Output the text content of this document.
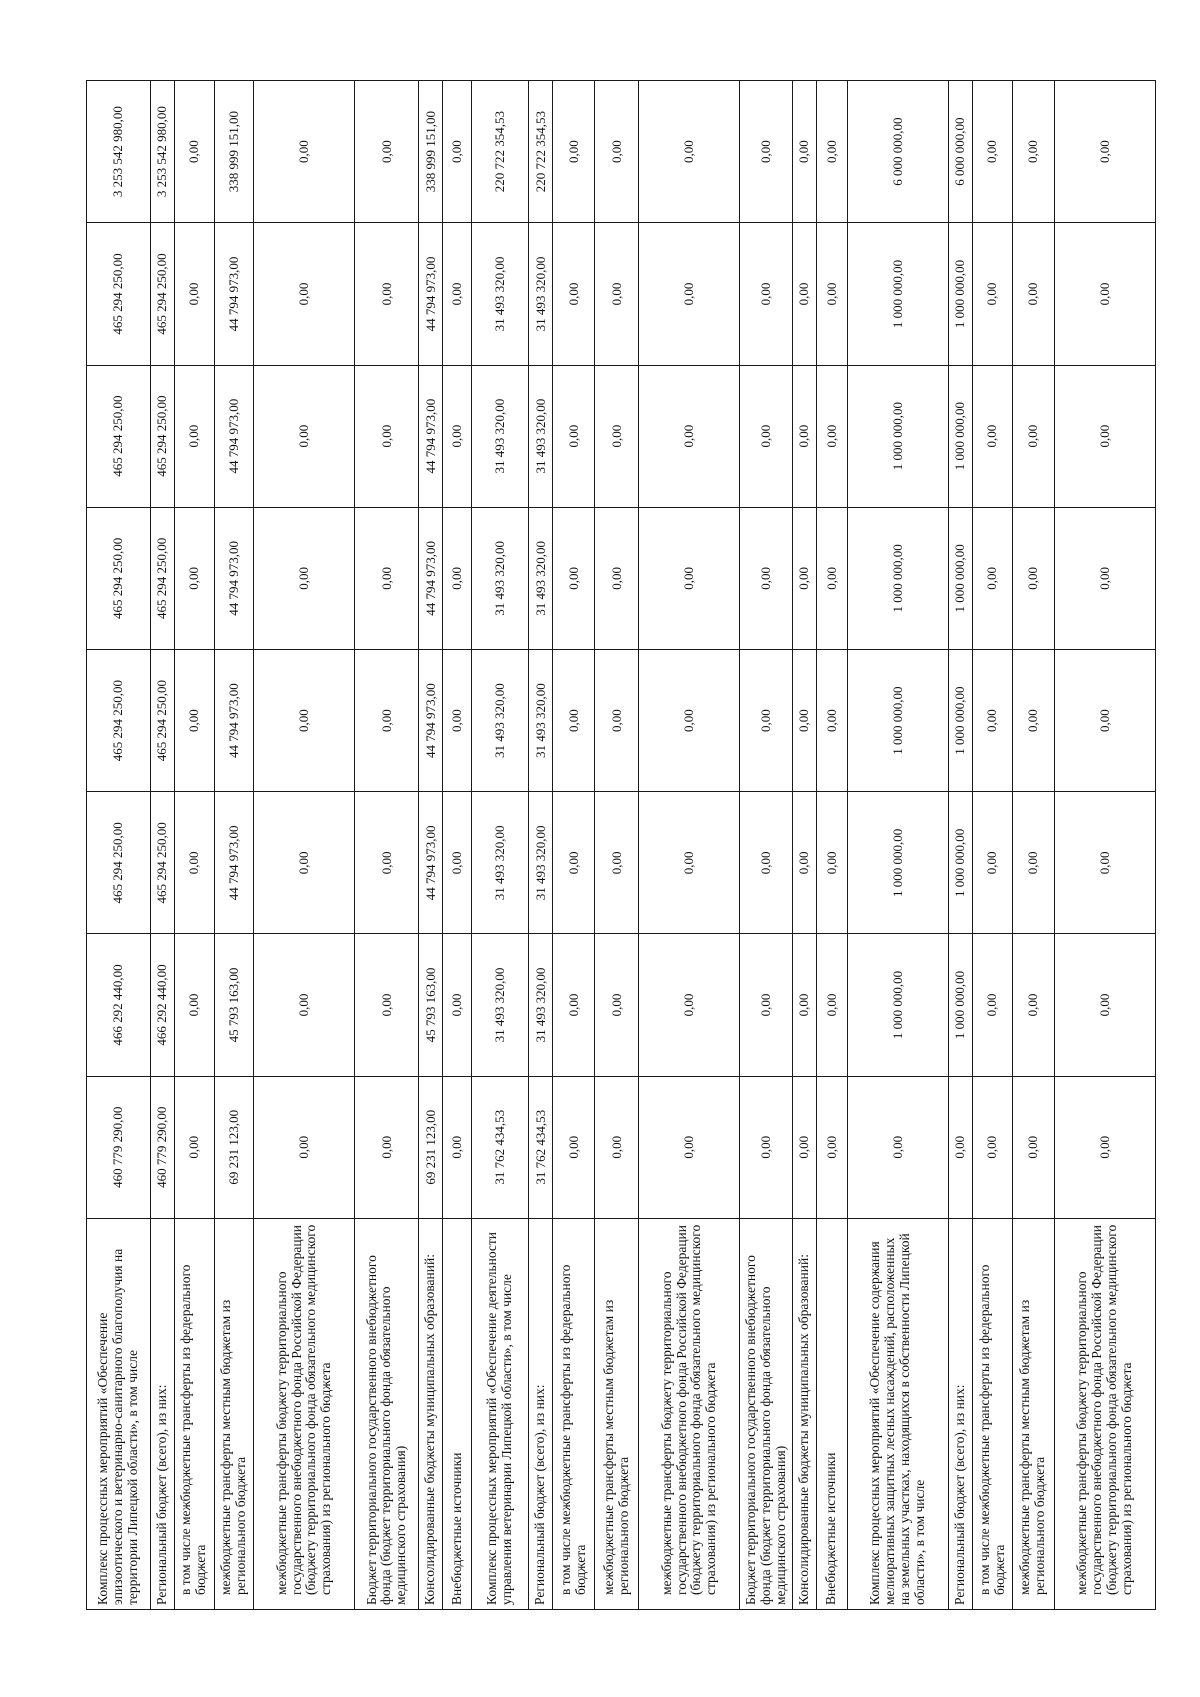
Комплекс процессных мероприятий «Обеспечение эпизоотического и ветеринарно-санитарного благополучия на территории Липецкой области», в том числе	460 779 290,00	466 292 440,00	465 294 250,00	465 294 250,00	465 294 250,00	465 294 250,00	465 294 250,00	3 253 542 980,00
Региональный бюджет (всего), из них:	460 779 290,00	466 292 440,00	465 294 250,00	465 294 250,00	465 294 250,00	465 294 250,00	465 294 250,00	3 253 542 980,00
в том числе межбюджетные трансферты из федерального бюджета	0,00	0,00	0,00	0,00	0,00	0,00	0,00	0,00
межбюджетные трансферты местным бюджетам из регионального бюджета	69 231 123,00	45 793 163,00	44 794 973,00	44 794 973,00	44 794 973,00	44 794 973,00	44 794 973,00	338 999 151,00
межбюджетные трансферты бюджету территориального государственного внебюджетного фонда Российской Федерации (бюджету территориального фонда обязательного медицинского страхования) из регионального бюджета	0,00	0,00	0,00	0,00	0,00	0,00	0,00	0,00
Бюджет территориального государственного внебюджетного фонда (бюджет территориального фонда обязательного медицинского страхования)	0,00	0,00	0,00	0,00	0,00	0,00	0,00	0,00
Консолидированные бюджеты муниципальных образований:	69 231 123,00	45 793 163,00	44 794 973,00	44 794 973,00	44 794 973,00	44 794 973,00	44 794 973,00	338 999 151,00
Внебюджетные источники	0,00	0,00	0,00	0,00	0,00	0,00	0,00	0,00
Комплекс процессных мероприятий «Обеспечение деятельности управления ветеринарии Липецкой области», в том числе	31 762 434,53	31 493 320,00	31 493 320,00	31 493 320,00	31 493 320,00	31 493 320,00	31 493 320,00	220 722 354,53
Региональный бюджет (всего), из них:	31 762 434,53	31 493 320,00	31 493 320,00	31 493 320,00	31 493 320,00	31 493 320,00	31 493 320,00	220 722 354,53
в том числе межбюджетные трансферты из федерального бюджета	0,00	0,00	0,00	0,00	0,00	0,00	0,00	0,00
межбюджетные трансферты местным бюджетам из регионального бюджета	0,00	0,00	0,00	0,00	0,00	0,00	0,00	0,00
межбюджетные трансферты бюджету территориального государственного внебюджетного фонда Российской Федерации (бюджету территориального фонда обязательного медицинского страхования) из регионального бюджета	0,00	0,00	0,00	0,00	0,00	0,00	0,00	0,00
Бюджет территориального государственного внебюджетного фонда (бюджет территориального фонда обязательного медицинского страхования)	0,00	0,00	0,00	0,00	0,00	0,00	0,00	0,00
Консолидированные бюджеты муниципальных образований:	0,00	0,00	0,00	0,00	0,00	0,00	0,00	0,00
Внебюджетные источники	0,00	0,00	0,00	0,00	0,00	0,00	0,00	0,00
Комплекс процессных мероприятий «Обеспечение содержания мелиоративных защитных лесных насаждений, расположенных на земельных участках, находящихся в собственности Липецкой области», в том числе	0,00	1 000 000,00	1 000 000,00	1 000 000,00	1 000 000,00	1 000 000,00	1 000 000,00	6 000 000,00
Региональный бюджет (всего), из них:	0,00	1 000 000,00	1 000 000,00	1 000 000,00	1 000 000,00	1 000 000,00	1 000 000,00	6 000 000,00
в том числе межбюджетные трансферты из федерального бюджета	0,00	0,00	0,00	0,00	0,00	0,00	0,00	0,00
межбюджетные трансферты местным бюджетам из регионального бюджета	0,00	0,00	0,00	0,00	0,00	0,00	0,00	0,00
межбюджетные трансферты бюджету территориального государственного внебюджетного фонда Российской Федерации (бюджету территориального фонда обязательного медицинского страхования) из регионального бюджета	0,00	0,00	0,00	0,00	0,00	0,00	0,00	0,00
